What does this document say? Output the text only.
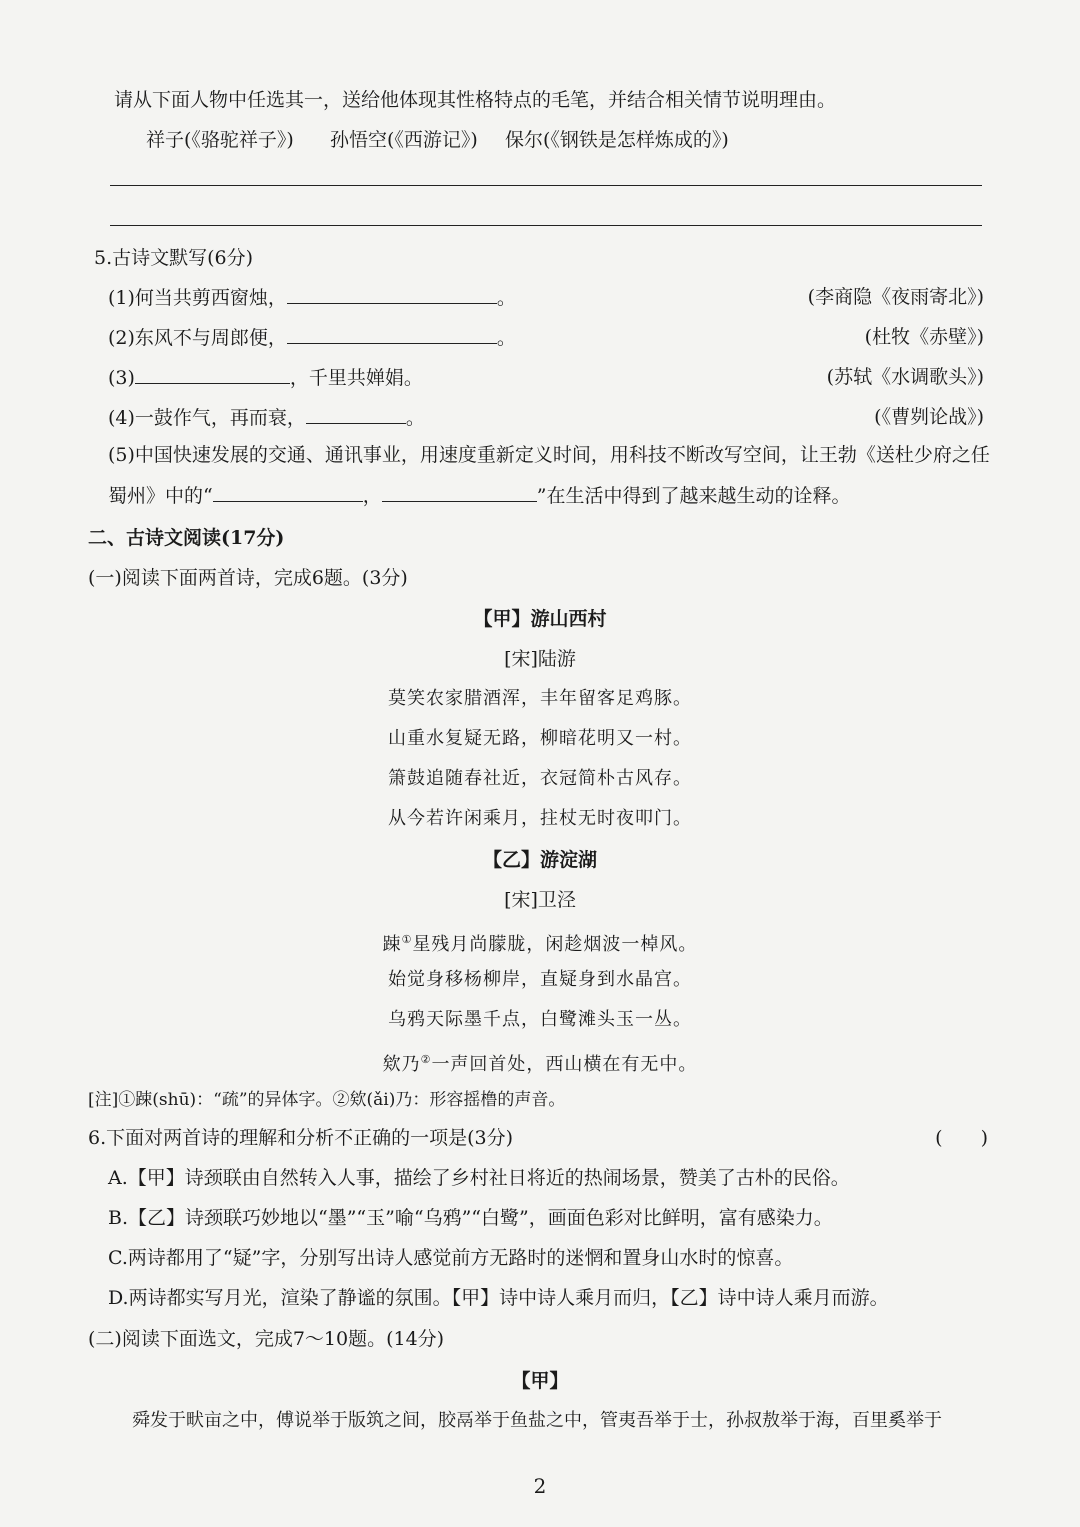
请从下面人物中任选其一，送给他体现其性格特点的毛笔，并结合相关情节说明理由。
祥子(《骆驼祥子》) 孙悟空(《西游记》) 保尔(《钢铁是怎样炼成的》)
5.古诗文默写(6分)
(1)何当共剪西窗烛，	。	(李商隐《夜雨寄北》)
(2)东风不与周郎便，	。	(杜牧《赤壁》)
(3)	，千里共婵娟。	(苏轼《水调歌头》)
(4)一鼓作气，再而衰，	。	(《曹刿论战》)
(5)中国快速发展的交通、通讯事业，用速度重新定义时间，用科技不断改写空间，让王勃《送杜少府之任
蜀州》中的“	，	”在生活中得到了越来越生动的诠释。
二、古诗文阅读(17分)
(一)阅读下面两首诗，完成6题。(3分)
【甲】游山西村
[宋]陆游
莫笑农家腊酒浑，丰年留客足鸡豚。
山重水复疑无路，柳暗花明又一村。
箫鼓追随春社近，衣冠简朴古风存。
从今若许闲乘月，拄杖无时夜叩门。
【乙】游淀湖
[宋]卫泾
踈①星残月尚朦胧，闲趁烟波一棹风。
始觉身移杨柳岸，直疑身到水晶宫。
乌鸦天际墨千点，白鹭滩头玉一丛。
欸乃②一声回首处，西山横在有无中。
[注]①踈(shū)：“疏”的异体字。②欸(ǎi)乃：形容摇橹的声音。
6.下面对两首诗的理解和分析不正确的一项是(3分)	(　　)
A.【甲】诗颈联由自然转入人事，描绘了乡村社日将近的热闹场景，赞美了古朴的民俗。
B.【乙】诗颈联巧妙地以“墨”“玉”喻“乌鸦”“白鹭”，画面色彩对比鲜明，富有感染力。
C.两诗都用了“疑”字，分别写出诗人感觉前方无路时的迷惘和置身山水时的惊喜。
D.两诗都实写月光，渲染了静谧的氛围。【甲】诗中诗人乘月而归，【乙】诗中诗人乘月而游。
(二)阅读下面选文，完成7～10题。(14分)
【甲】
舜发于畎亩之中，傅说举于版筑之间，胶鬲举于鱼盐之中，管夷吾举于士，孙叔敖举于海，百里奚举于
2
